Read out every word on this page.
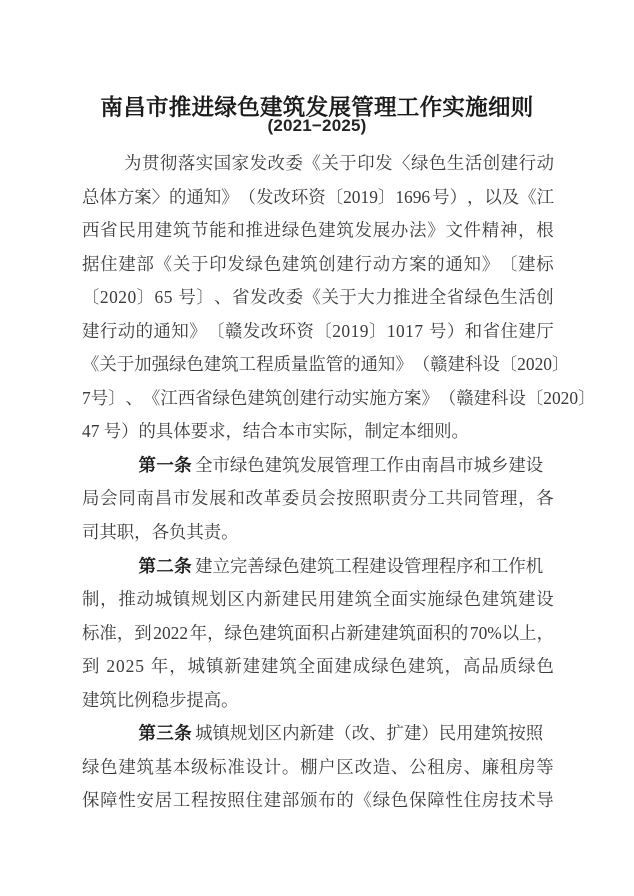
南昌市推进绿色建筑发展管理工作实施细则
(2021−2025)
为 贯 彻 落 实 国 家 发 改 委 《 关 于 印 发 〈 绿 色 生 活 创 建 行 动
总 体 方 案 〉 的 通 知 》 （ 发 改 环 资 〔 2 0 1 9 〕 1 6 9 6 号 ） ， 以 及 《 江
西 省 民 用 建 筑 节 能 和 推 进 绿 色 建 筑 发 展 办 法 》 文 件 精 神 ， 根
据 住 建 部 《 关 于 印 发 绿 色 建 筑 创 建 行 动 方 案 的 通 知 》 〔 建 标
〔 2 0 2 0 〕 6 5 号 〕 、 省 发 改 委 《 关 于 大 力 推 进 全 省 绿 色 生 活 创
建 行 动 的 通 知 》 〔 赣 发 改 环 资 〔 2 0 1 9 〕 1 0 1 7 号 ） 和 省 住 建 厅
《 关 于 加 强 绿 色 建 筑 工 程 质 量 监 管 的 通 知 》 （ 赣 建 科 设 〔 2 0 2 0 〕
7 号 〕 、 《 江 西 省 绿 色 建 筑 创 建 行 动 实 施 方 案 》 （ 赣 建 科 设 〔 2 0 2 0 〕
47 号）的具体要求，结合本市实际，制定本细则。
第一条 全 市 绿 色 建 筑 发 展 管 理 工 作 由 南 昌 市 城 乡 建 设
局 会 同 南 昌 市 发 展 和 改 革 委 员 会 按 照 职 责 分 工 共 同 管 理 ， 各
司其职，各负其责。
第二条 建 立 完 善 绿 色 建 筑 工 程 建 设 管 理 程 序 和 工 作 机
制 ， 推 动 城 镇 规 划 区 内 新 建 民 用 建 筑 全 面 实 施 绿 色 建 筑 建 设
标 准 ， 到 2 0 2 2 年 ， 绿 色 建 筑 面 积 占 新 建 建 筑 面 积 的 7 0 % 以 上 ，
到 2 0 2 5 年 ， 城 镇 新 建 建 筑 全 面 建 成 绿 色 建 筑 ， 高 品 质 绿 色
建筑比例稳步提高。
第三条 城 镇 规 划 区 内 新 建 （ 改 、 扩 建 ） 民 用 建 筑 按 照
绿 色 建 筑 基 本 级 标 准 设 计 。 棚 户 区 改 造 、 公 租 房 、 廉 租 房 等
保 障 性 安 居 工 程 按 照 住 建 部 颁 布 的 《 绿 色 保 障 性 住 房 技 术 导
